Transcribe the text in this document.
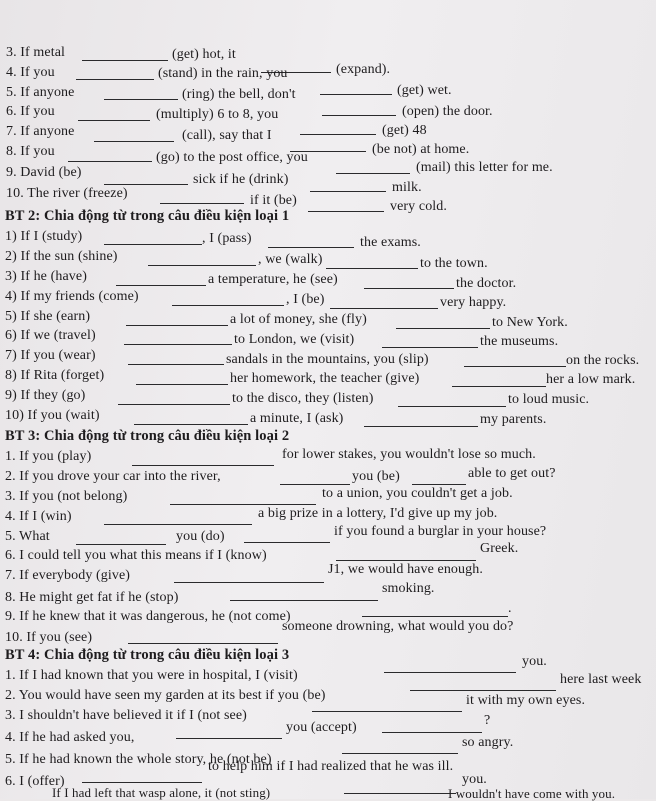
3. If metal	(get) hot, it
(expand).
4. If you	(stand) in the rain, you
(get) wet.
5. If anyone	(ring) the bell, don't
(open) the door.
6. If you	(multiply) 6 to 8, you
(get) 48
7. If anyone	(call), say that I
(be not) at home.
8. If you	(go) to the post office, you
(mail) this letter for me.
9. David (be)	sick if he (drink)
milk.
10. The river (freeze)	if it (be)	very cold.
BT 2: Chia động từ trong câu điều kiện loại 1
1) If I (study)	, I (pass)	the exams.
2) If the sun (shine)	, we (walk)	to the town.
3) If he (have)	a temperature, he (see)	the doctor.
4) If my friends (come)	, I (be)	very happy.
5) If she (earn)	a lot of money, she (fly)	to New York.
6) If we (travel)	to London, we (visit)	the museums.
7) If you (wear)	sandals in the mountains, you (slip)	on the rocks.
8) If Rita (forget)	her homework, the teacher (give)	her a low mark.
9) If they (go)	to the disco, they (listen)	to loud music.
10) If you (wait)	a minute, I (ask)	my parents.
BT 3: Chia động từ trong câu điều kiện loại 2
1. If you (play)	for lower stakes, you wouldn't lose so much.
2. If you drove your car into the river,	you (be)	able to get out?
3. If you (not belong)	to a union, you couldn't get a job.
4. If I (win)	a big prize in a lottery, I'd give up my job.
5. What	you (do)	if you found a burglar in your house?
6. I could tell you what this means if I (know)	Greek.
7. If everybody (give)	J1, we would have enough.
8. He might get fat if he (stop)
smoking.
9. If he knew that it was dangerous, he (not come)
.
10. If you (see)
someone drowning, what would you do?
BT 4: Chia động từ trong câu điều kiện loại 3
1. If I had known that you were in hospital, I (visit)
you.
2. You would have seen my garden at its best if you (be)
here last week
3. I shouldn't have believed it if I (not see)
it with my own eyes.
4. If he had asked you,
you (accept)	?
5. If he had known the whole story, he (not be)
so angry.
6. I (offer)
to help him if I had realized that he was ill.
If I had left that wasp alone, it (not sting)
you.
I wouldn't have come with you.
